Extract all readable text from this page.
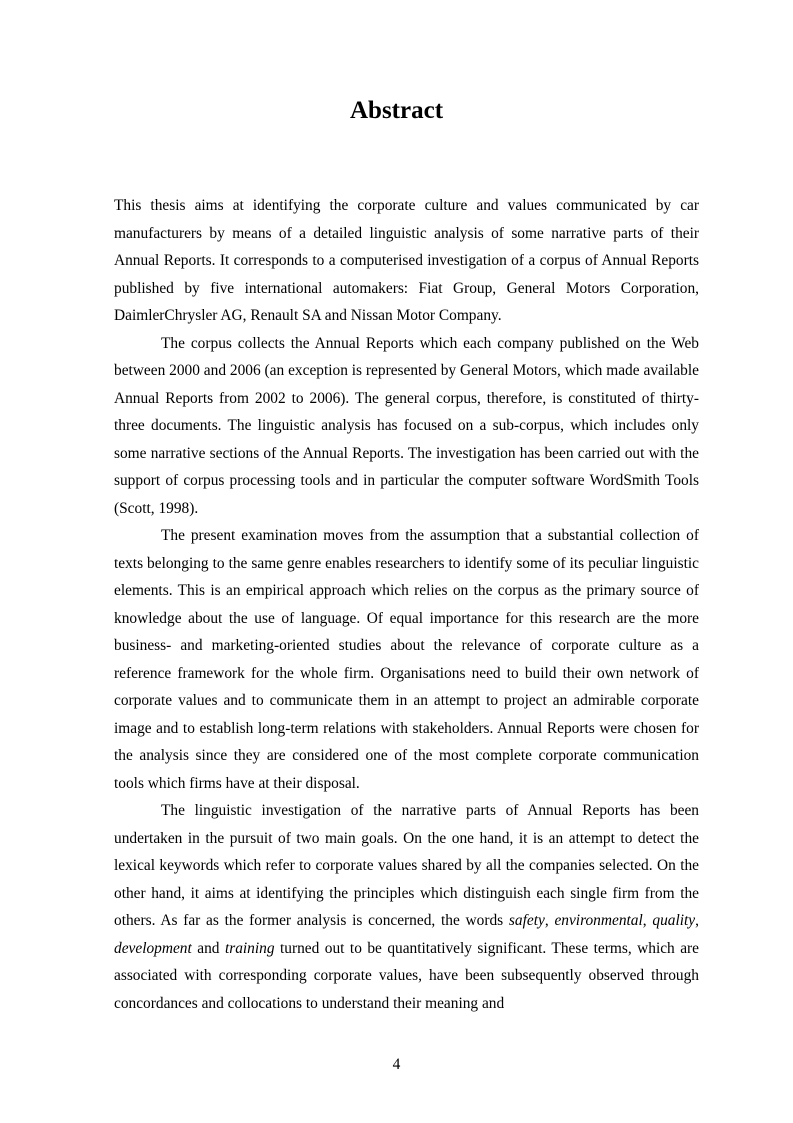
Abstract

This thesis aims at identifying the corporate culture and values communicated by car manufacturers by means of a detailed linguistic analysis of some narrative parts of their Annual Reports. It corresponds to a computerised investigation of a corpus of Annual Reports published by five international automakers: Fiat Group, General Motors Corporation, DaimlerChrysler AG, Renault SA and Nissan Motor Company.

The corpus collects the Annual Reports which each company published on the Web between 2000 and 2006 (an exception is represented by General Motors, which made available Annual Reports from 2002 to 2006). The general corpus, therefore, is constituted of thirty-three documents. The linguistic analysis has focused on a sub-corpus, which includes only some narrative sections of the Annual Reports. The investigation has been carried out with the support of corpus processing tools and in particular the computer software WordSmith Tools (Scott, 1998).

The present examination moves from the assumption that a substantial collection of texts belonging to the same genre enables researchers to identify some of its peculiar linguistic elements. This is an empirical approach which relies on the corpus as the primary source of knowledge about the use of language. Of equal importance for this research are the more business- and marketing-oriented studies about the relevance of corporate culture as a reference framework for the whole firm. Organisations need to build their own network of corporate values and to communicate them in an attempt to project an admirable corporate image and to establish long-term relations with stakeholders. Annual Reports were chosen for the analysis since they are considered one of the most complete corporate communication tools which firms have at their disposal.

The linguistic investigation of the narrative parts of Annual Reports has been undertaken in the pursuit of two main goals. On the one hand, it is an attempt to detect the lexical keywords which refer to corporate values shared by all the companies selected. On the other hand, it aims at identifying the principles which distinguish each single firm from the others. As far as the former analysis is concerned, the words safety, environmental, quality, development and training turned out to be quantitatively significant. These terms, which are associated with corresponding corporate values, have been subsequently observed through concordances and collocations to understand their meaning and

4
